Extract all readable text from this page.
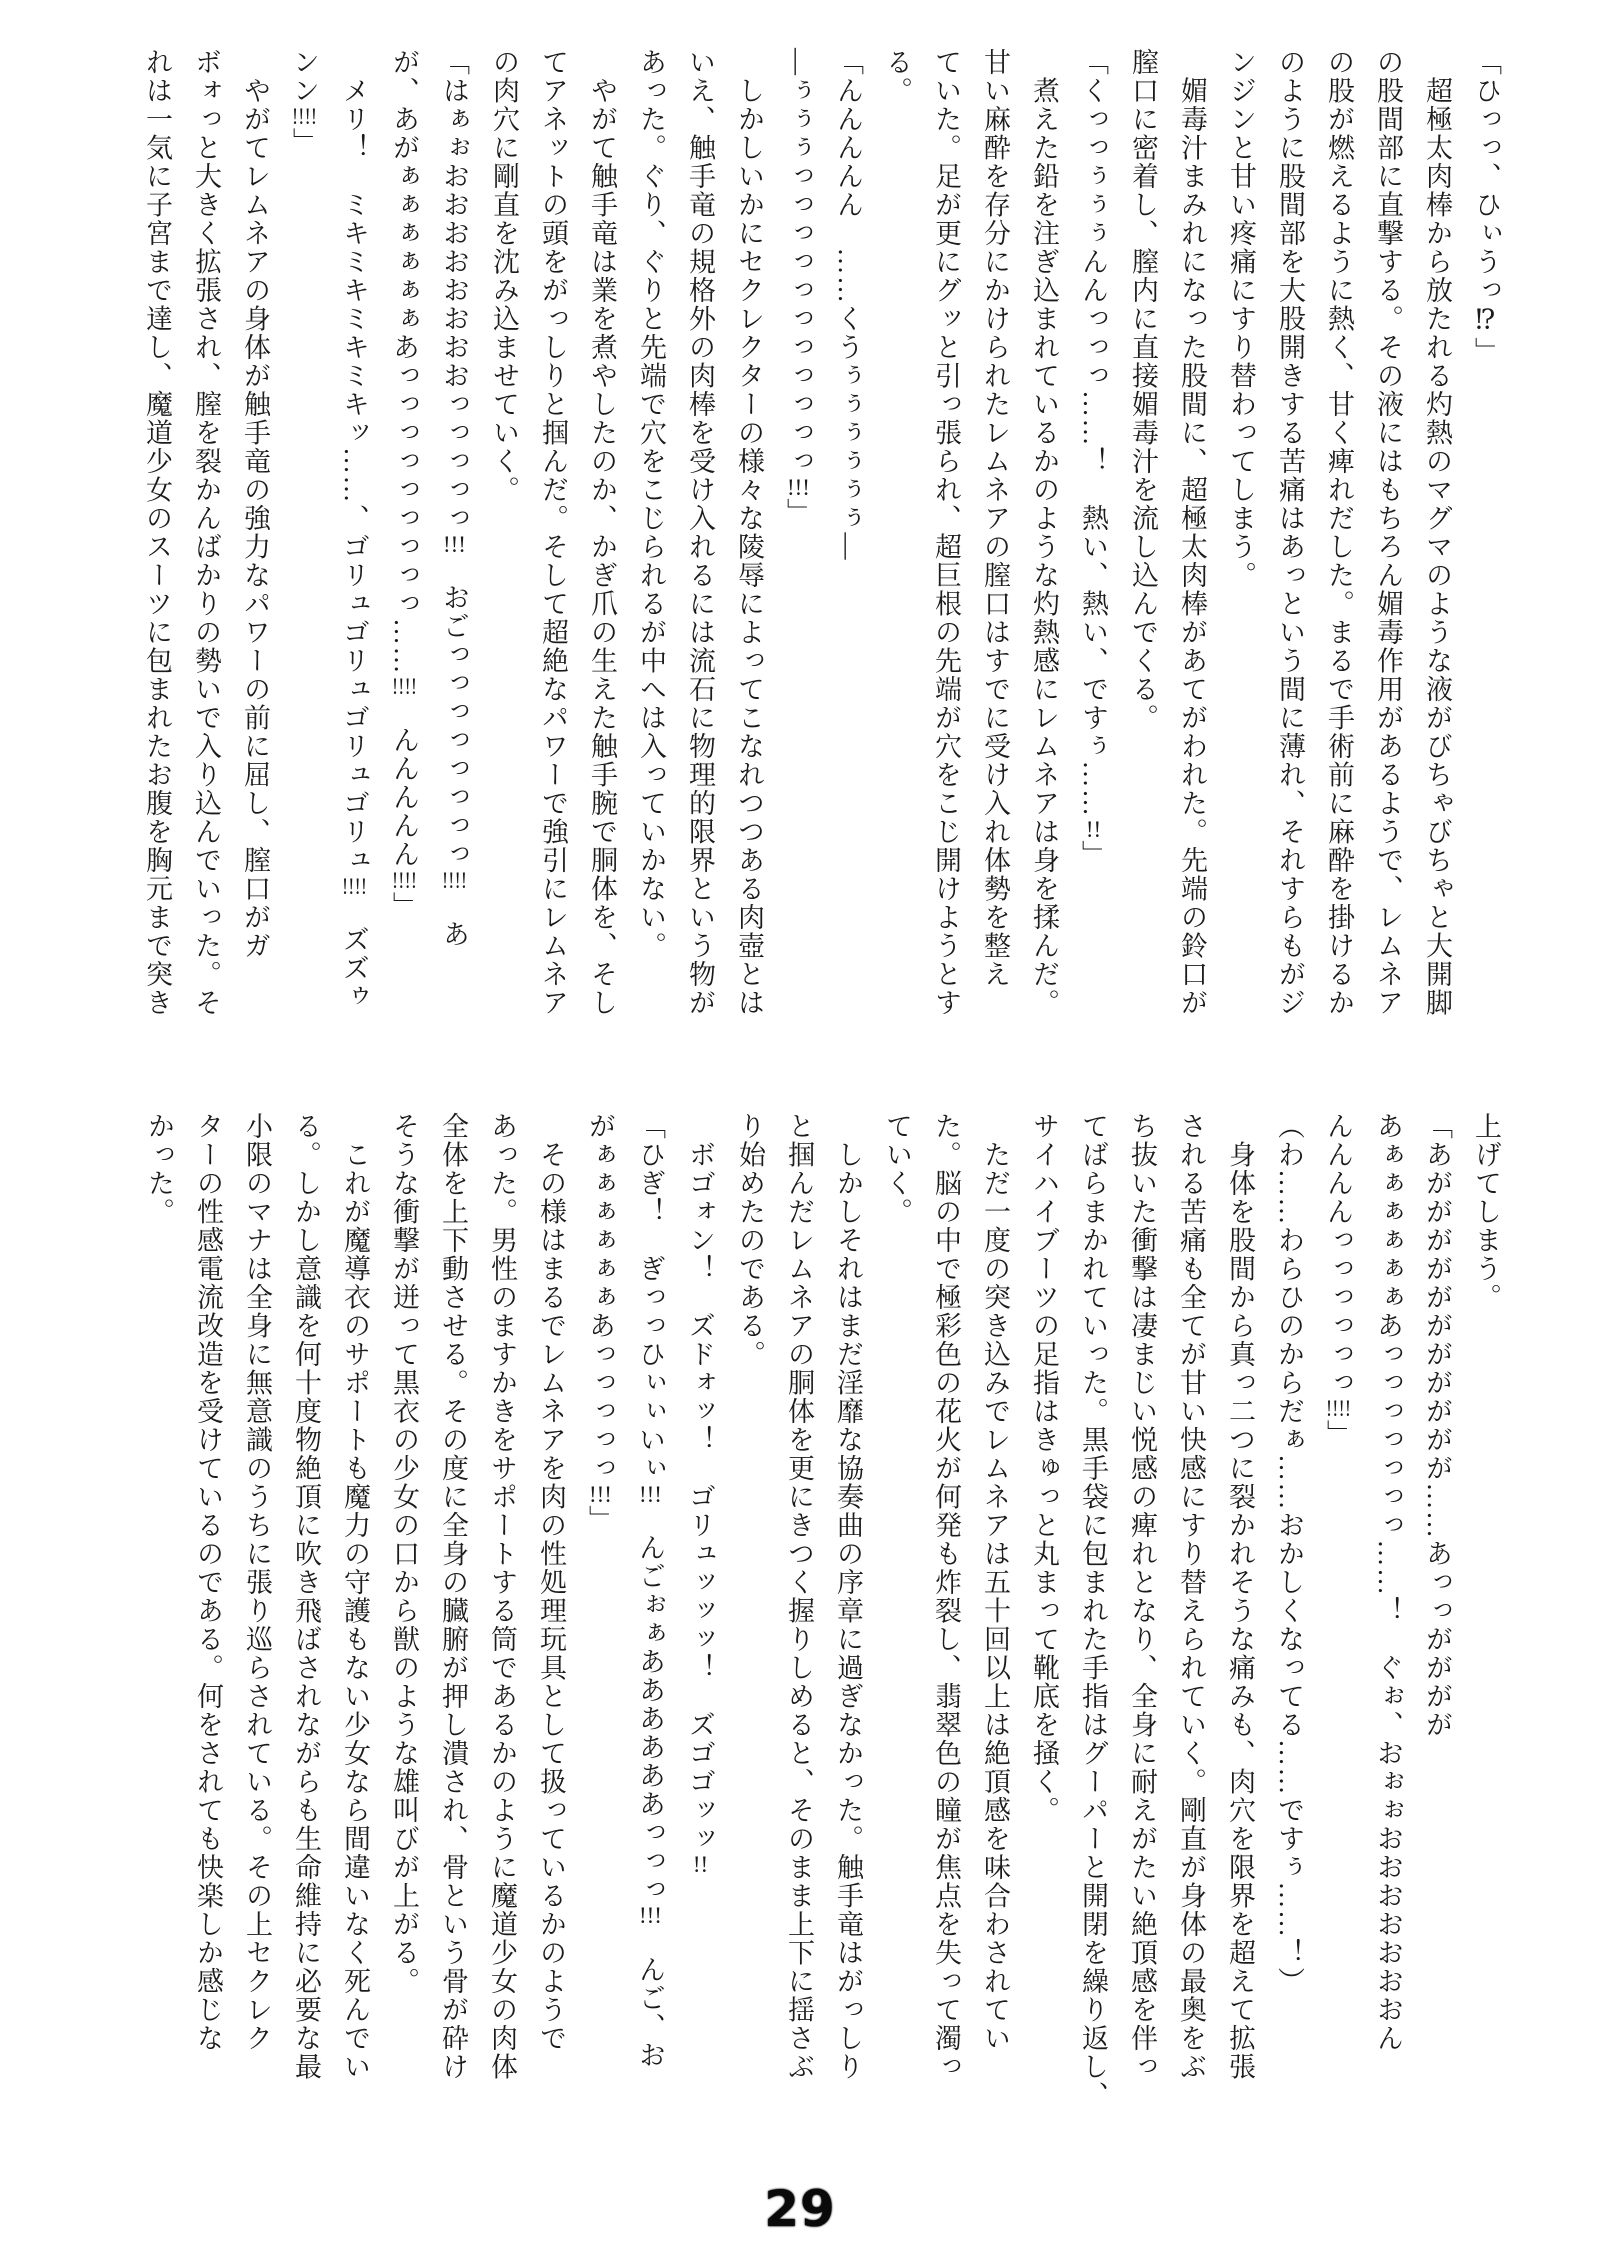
「ひっっ、ひぃうっ⁉」

　超極太肉棒から放たれる灼熱のマグマのような液がびちゃびちゃと大開脚

の股間部に直撃する。その液にはもちろん媚毒作用があるようで、レムネア

の股が燃えるように熱く、甘く痺れだした。まるで手術前に麻酔を掛けるか

のように股間部を大股開きする苦痛はあっという間に薄れ、それすらもがジ

ンジンと甘い疼痛にすり替わってしまう。

　媚毒汁まみれになった股間に、超極太肉棒があてがわれた。先端の鈴口が

膣口に密着し、膣内に直接媚毒汁を流し込んでくる。

「くっっぅぅぅんんっっっ……！　熱い、熱い、ですぅ……!!」

　煮えた鉛を注ぎ込まれているかのような灼熱感にレムネアは身を揉んだ。

甘い麻酔を存分にかけられたレムネアの膣口はすでに受け入れ体勢を整え

ていた。足が更にグッと引っ張られ、超巨根の先端が穴をこじ開けようとす

る。

「んんんんん　……くうぅぅぅぅぅぅ―

―ぅぅぅっっっっっっっっっっっ!!!」

　しかしいかにセクレクターの様々な陵辱によってこなれつつある肉壺とは

いえ、触手竜の規格外の肉棒を受け入れるには流石に物理的限界という物が

あった。ぐり、ぐりと先端で穴をこじられるが中へは入っていかない。

　やがて触手竜は業を煮やしたのか、かぎ爪の生えた触手腕で胴体を、そし

てアネットの頭をがっしりと掴んだ。そして超絶なパワーで強引にレムネア

の肉穴に剛直を沈み込ませていく。

「はぁぉおおおおおおおおっっっっっ!!!　おごっっっっっっっっ!!!!　あ

が、あがぁぁぁぁぁぁあっっっっっっっっっ……!!!!　んんんんん!!!!」

　メリ！　ミキミキミキミキッ……、ゴリュゴリュゴリュゴリュ!!!!　ズズゥ

ンン!!!!」

　やがてレムネアの身体が触手竜の強力なパワーの前に屈し、膣口がガ

ボォっと大きく拡張され、膣を裂かんばかりの勢いで入り込んでいった。そ

れは一気に子宮まで達し、魔道少女のスーツに包まれたお腹を胸元まで突き

上げてしまう。

「あががががががががががが……あっっがががが

あぁぁぁぁぁぁあっっっっっっっ……！　ぐぉ、おぉぉおおおおおおおん

んんんんっっっっっっ!!!!」

（わ……わらひのからだぁ……おかしくなってる……ですぅ……！）

　身体を股間から真っ二つに裂かれそうな痛みも、肉穴を限界を超えて拡張

される苦痛も全てが甘い快感にすり替えられていく。剛直が身体の最奥をぶ

ち抜いた衝撃は凄まじい悦感の痺れとなり、全身に耐えがたい絶頂感を伴っ

てばらまかれていった。黒手袋に包まれた手指はグーパーと開閉を繰り返し、

サイハイブーツの足指はきゅっと丸まって靴底を掻く。

　ただ一度の突き込みでレムネアは五十回以上は絶頂感を味合わされてい

た。脳の中で極彩色の花火が何発も炸裂し、翡翠色の瞳が焦点を失って濁っ

ていく。

　しかしそれはまだ淫靡な協奏曲の序章に過ぎなかった。触手竜はがっしり

と掴んだレムネアの胴体を更にきつく握りしめると、そのまま上下に揺さぶ

り始めたのである。

　ボゴォン！　ズドォッ！　ゴリュッッッ！　ズゴゴッッ!!

「ひぎ！　ぎっっひぃぃいぃ!!!　んごぉぁああああああっっっ!!!　んご、お

がぁぁぁぁぁぁあっっっっっ!!!」

　その様はまるでレムネアを肉の性処理玩具として扱っているかのようで

あった。男性のますかきをサポートする筒であるかのように魔道少女の肉体

全体を上下動させる。その度に全身の臓腑が押し潰され、骨という骨が砕け

そうな衝撃が迸って黒衣の少女の口から獣のような雄叫びが上がる。

　これが魔導衣のサポートも魔力の守護もない少女なら間違いなく死んでい

る。しかし意識を何十度物絶頂に吹き飛ばされながらも生命維持に必要な最

小限のマナは全身に無意識のうちに張り巡らされている。その上セクレク

ターの性感電流改造を受けているのである。何をされても快楽しか感じな

かった。

29
